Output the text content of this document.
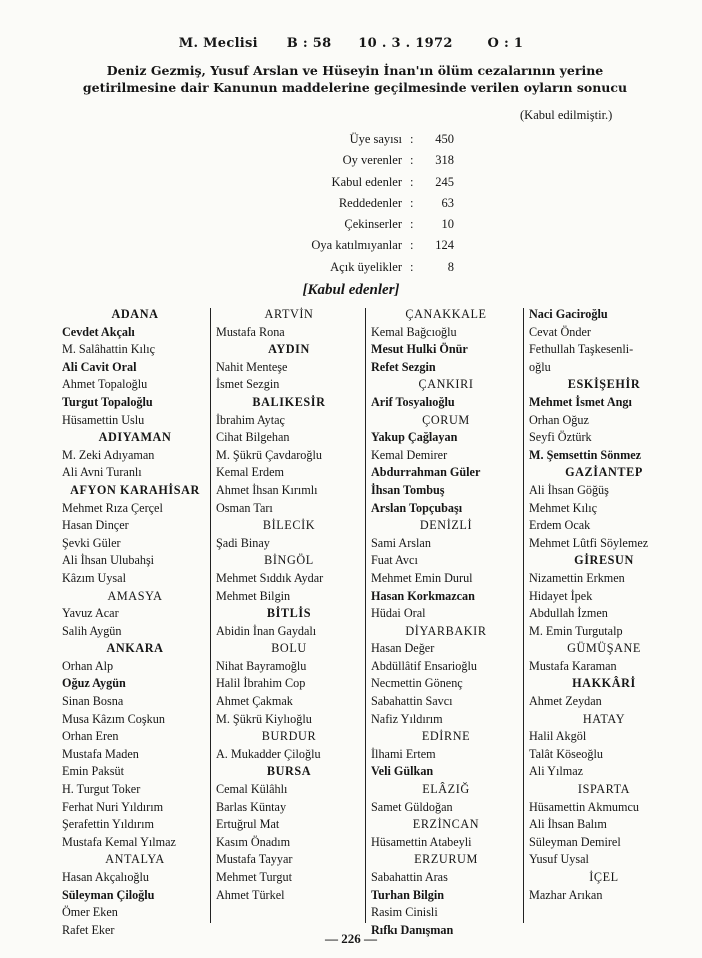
M. Meclisi B : 58 10 . 3 . 1972	O : 1
Deniz Gezmiş, Yusuf Arslan ve Hüseyin İnan'ın ölüm cezalarının yerine getirilmesine dair Kanunun maddelerine geçilmesinde verilen oyların sonucu
(Kabul edilmiştir.)
Üye sayısı :	450
Oy verenler :	318
Kabul edenler :	245
Reddedenler :	63
Çekinserler :	10
Oya katılmıyanlar :	124
Açık üyelikler :	8
[Kabul edenler]
ADANA
Cevdet Akçalı
M. Salâhattin Kılıç
Ali Cavit Oral
Ahmet Topaloğlu
Turgut Topaloğlu
Hüsamettin Uslu
ADIYAMAN
M. Zeki Adıyaman
Ali Avni Turanlı
AFYON KARAHİSAR
Mehmet Rıza Çerçel
Hasan Dinçer
Şevki Güler
Ali İhsan Ulubahşi
Kâzım Uysal
AMASYA
Yavuz Acar
Salih Aygün
ANKARA
Orhan Alp
Oğuz Aygün
Sinan Bosna
Musa Kâzım Coşkun
Orhan Eren
Mustafa Maden
Emin Paksüt
H. Turgut Toker
Ferhat Nuri Yıldırım
Şerafettin Yıldırım
Mustafa Kemal Yılmaz
ANTALYA
Hasan Akçalıoğlu
Süleyman Çiloğlu
Ömer Eken
Rafet Eker
ARTVİN
Mustafa Rona
AYDIN
Nahit Menteşe
İsmet Sezgin
BALIKESİR
İbrahim Aytaç
Cihat Bilgehan
M. Şükrü Çavdaroğlu
Kemal Erdem
Ahmet İhsan Kırımlı
Osman Tarı
BİLECİK
Şadi Binay
BİNGÖL
Mehmet Sıddık Aydar
Mehmet Bilgin
BİTLİS
Abidin İnan Gaydalı
BOLU
Nihat Bayramoğlu
Halil İbrahim Cop
Ahmet Çakmak
M. Şükrü Kiylıoğlu
BURDUR
A. Mukadder Çiloğlu
BURSA
Cemal Külâhlı
Barlas Küntay
Ertuğrul Mat
Kasım Önadım
Mustafa Tayyar
Mehmet Turgut
Ahmet Türkel
ÇANAKKALE
Kemal Bağcıoğlu
Mesut Hulki Önür
Refet Sezgin
ÇANKIRI
Arif Tosyalıoğlu
ÇORUM
Yakup Çağlayan
Kemal Demirer
Abdurrahman Güler
İhsan Tombuş
Arslan Topçubaşı
DENİZLİ
Sami Arslan
Fuat Avcı
Mehmet Emin Durul
Hasan Korkmazcan
Hüdai Oral
DİYARBAKIR
Hasan Değer
Abdüllâtif Ensarioğlu
Necmettin Gönenç
Sabahattin Savcı
Nafiz Yıldırım
EDİRNE
İlhami Ertem
Veli Gülkan
ELÂZIĞ
Samet Güldoğan
ERZİNCAN
Hüsamettin Atabeyli
ERZURUM
Sabahattin Aras
Turhan Bilgin
Rasim Cinisli
Rıfkı Danışman
Naci Gaciroğlu
Cevat Önder
Fethullah Taşkesenli-
oğlu
ESKİŞEHİR
Mehmet İsmet Angı
Orhan Oğuz
Seyfi Öztürk
M. Şemsettin Sönmez
GAZİANTEP
Ali İhsan Göğüş
Mehmet Kılıç
Erdem Ocak
Mehmet Lûtfi Söylemez
GİRESUN
Nizamettin Erkmen
Hidayet İpek
Abdullah İzmen
M. Emin Turgutalp
GÜMÜŞANE
Mustafa Karaman
HAKKÂRİ
Ahmet Zeydan
HATAY
Halil Akgöl
Talât Köseoğlu
Ali Yılmaz
ISPARTA
Hüsamettin Akmumcu
Ali İhsan Balım
Süleyman Demirel
Yusuf Uysal
İÇEL
Mazhar Arıkan
— 226 —
